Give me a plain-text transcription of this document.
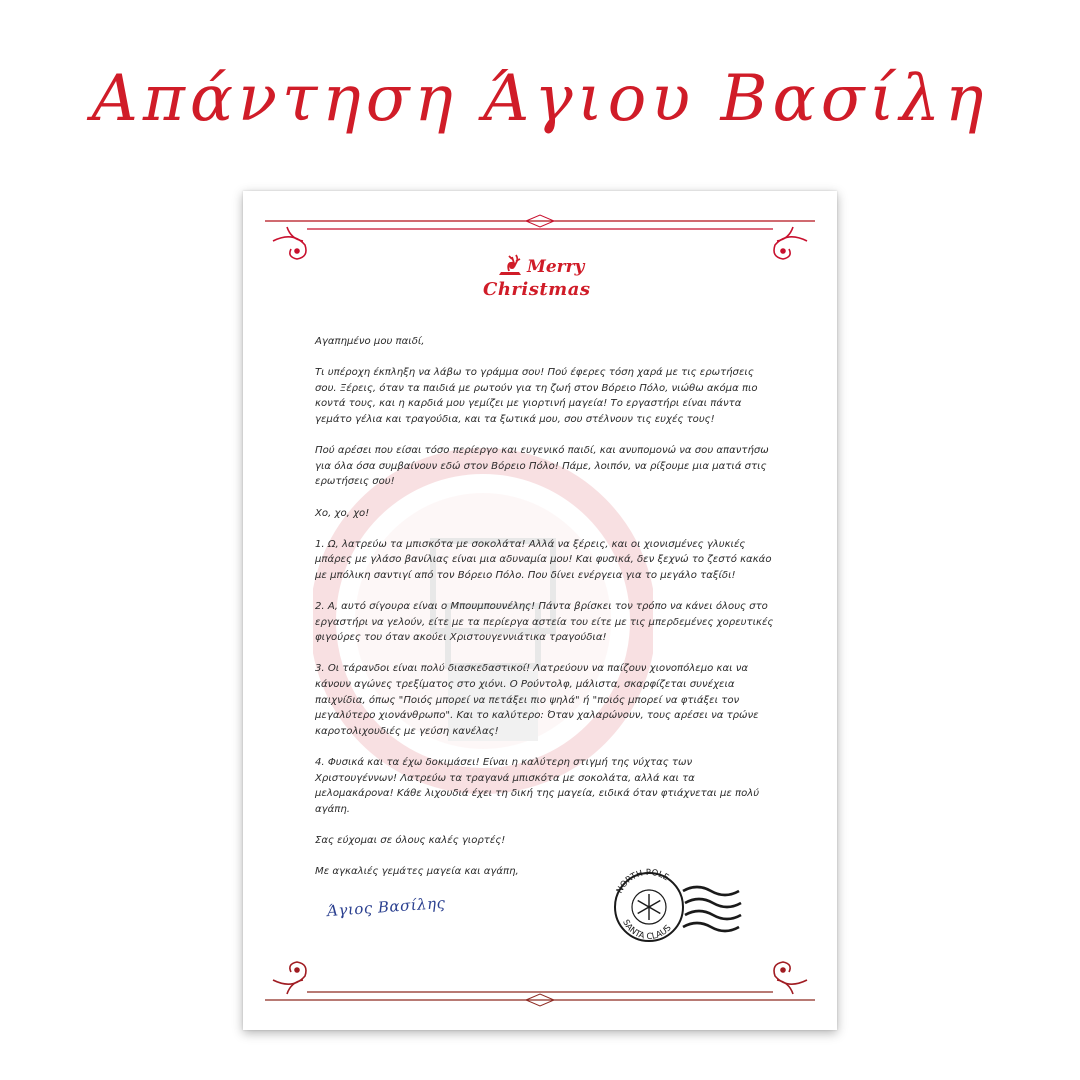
Απάντηση Άγιου Βασίλη
Merry
Christmas

Αγαπημένο μου παιδί,

Τι υπέροχη έκπληξη να λάβω το γράμμα σου! Πού έφερες τόση χαρά με τις ερωτήσεις σου. Ξέρεις, όταν τα παιδιά με ρωτούν για τη ζωή στον Βόρειο Πόλο, νιώθω ακόμα πιο κοντά τους, και η καρδιά μου γεμίζει με γιορτινή μαγεία! Το εργαστήρι είναι πάντα γεμάτο γέλια και τραγούδια, και τα ξωτικά μου, σου στέλνουν τις ευχές τους!

Πού αρέσει που είσαι τόσο περίεργο και ευγενικό παιδί, και ανυπομονώ να σου απαντήσω για όλα όσα συμβαίνουν εδώ στον Βόρειο Πόλο! Πάμε, λοιπόν, να ρίξουμε μια ματιά στις ερωτήσεις σου!

Χο, χο, χο!

1. Ω, λατρεύω τα μπισκότα με σοκολάτα! Αλλά να ξέρεις, και οι χιονισμένες γλυκιές μπάρες με γλάσο βανίλιας είναι μια αδυναμία μου! Και φυσικά, δεν ξεχνώ το ζεστό κακάο με μπόλικη σαντιγί από τον Βόρειο Πόλο. Που δίνει ενέργεια για το μεγάλο ταξίδι!

2. Α, αυτό σίγουρα είναι ο Μπουμπουνέλης! Πάντα βρίσκει τον τρόπο να κάνει όλους στο εργαστήρι να γελούν, είτε με τα περίεργα αστεία του είτε με τις μπερδεμένες χορευτικές φιγούρες του όταν ακούει Χριστουγεννιάτικα τραγούδια!

3. Οι τάρανδοι είναι πολύ διασκεδαστικοί! Λατρεύουν να παίζουν χιονοπόλεμο και να κάνουν αγώνες τρεξίματος στο χιόνι. Ο Ρούντολφ, μάλιστα, σκαρφίζεται συνέχεια παιχνίδια, όπως "Ποιός μπορεί να πετάξει πιο ψηλά" ή "ποιός μπορεί να φτιάξει τον μεγαλύτερο χιονάνθρωπο". Και το καλύτερο: Όταν χαλαρώνουν, τους αρέσει να τρώνε καροτολιχουδιές με γεύση κανέλας!

4. Φυσικά και τα έχω δοκιμάσει! Είναι η καλύτερη στιγμή της νύχτας των Χριστουγέννων! Λατρεύω τα τραγανά μπισκότα με σοκολάτα, αλλά και τα μελομακάρονα! Κάθε λιχουδιά έχει τη δική της μαγεία, ειδικά όταν φτιάχνεται με πολύ αγάπη.

Σας εύχομαι σε όλους καλές γιορτές!

Με αγκαλιές γεμάτες μαγεία και αγάπη,

Άγιος Βασίλης
NORTH POLE
SANTA CLAUS
